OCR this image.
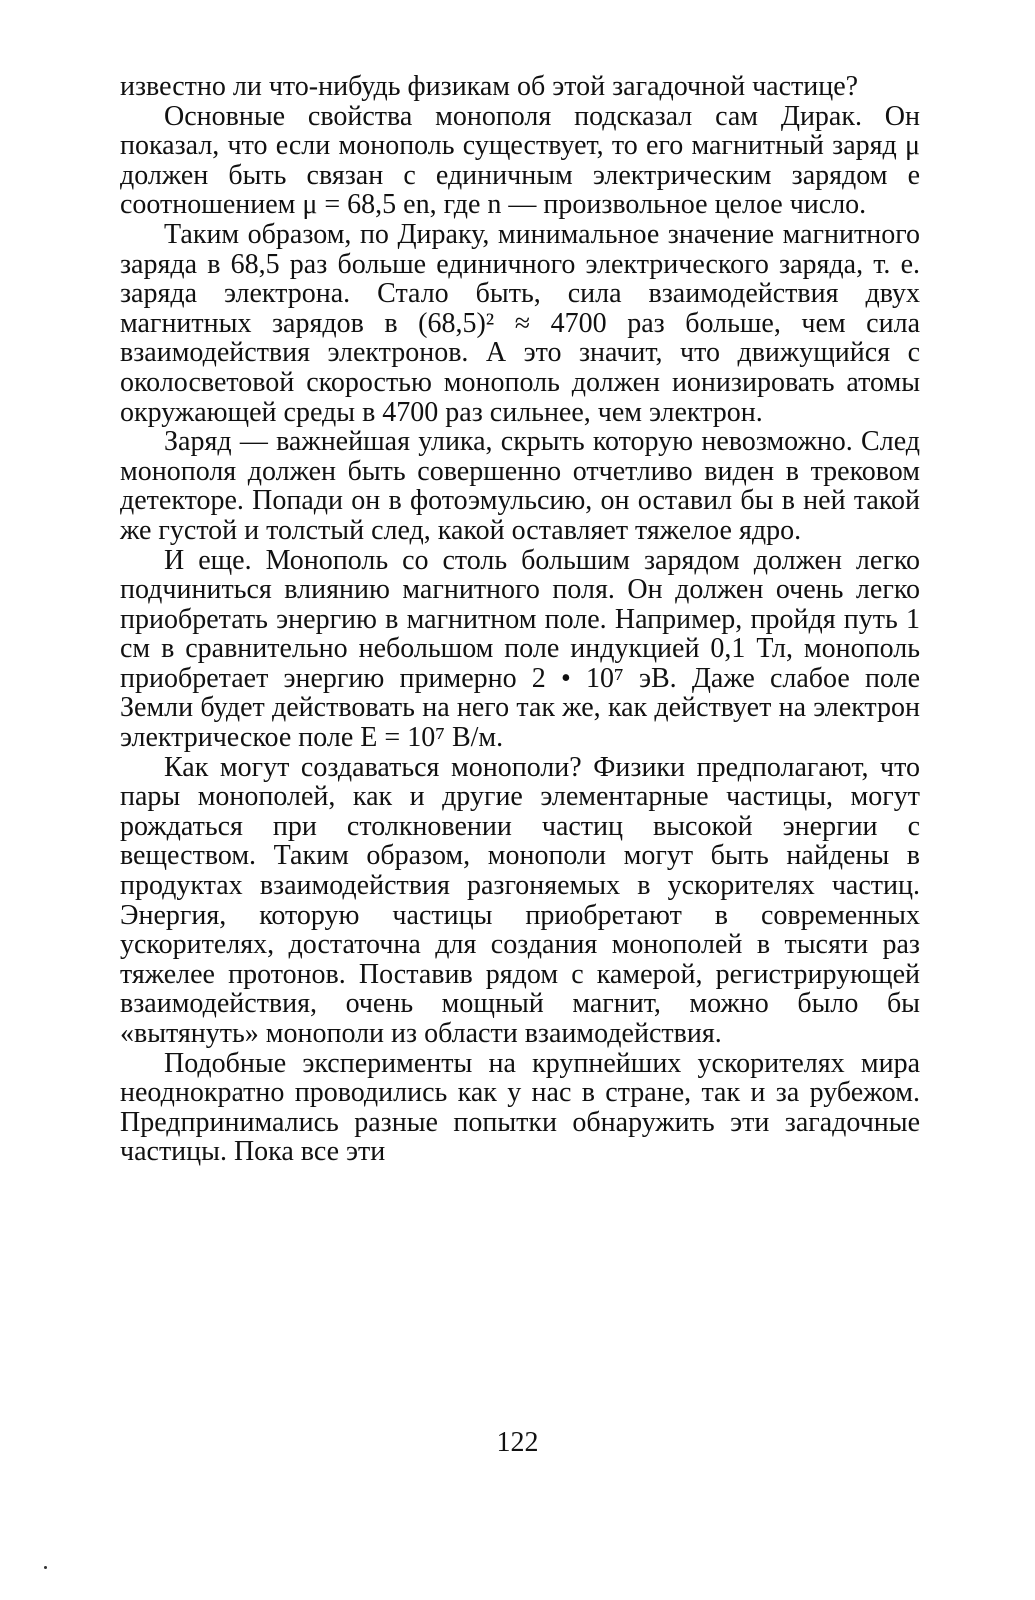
известно ли что-нибудь физикам об этой загадочной частице?

Основные свойства монополя подсказал сам Дирак. Он показал, что если монополь существует, то его магнитный заряд μ должен быть связан с единичным электрическим зарядом e соотношением μ = 68,5 en, где n — произвольное целое число.

Таким образом, по Дираку, минимальное значение магнитного заряда в 68,5 раз больше единичного электрического заряда, т. е. заряда электрона. Стало быть, сила взаимодействия двух магнитных зарядов в (68,5)² ≈ 4700 раз больше, чем сила взаимодействия электронов. А это значит, что движущийся с околосветовой скоростью монополь должен ионизировать атомы окружающей среды в 4700 раз сильнее, чем электрон.

Заряд — важнейшая улика, скрыть которую невозможно. След монополя должен быть совершенно отчетливо виден в трековом детекторе. Попади он в фотоэмульсию, он оставил бы в ней такой же густой и толстый след, какой оставляет тяжелое ядро.

И еще. Монополь со столь большим зарядом должен легко подчиниться влиянию магнитного поля. Он должен очень легко приобретать энергию в магнитном поле. Например, пройдя путь 1 см в сравнительно небольшом поле индукцией 0,1 Тл, монополь приобретает энергию примерно 2 • 10⁷ эВ. Даже слабое поле Земли будет действовать на него так же, как действует на электрон электрическое поле E = 10⁷ В/м.

Как могут создаваться монополи? Физики предполагают, что пары монополей, как и другие элементарные частицы, могут рождаться при столкновении частиц высокой энергии с веществом. Таким образом, монополи могут быть найдены в продуктах взаимодействия разгоняемых в ускорителях частиц. Энергия, которую частицы приобретают в современных ускорителях, достаточна для создания монополей в тысяти раз тяжелее протонов. Поставив рядом с камерой, регистрирующей взаимодействия, очень мощный магнит, можно было бы «вытянуть» монополи из области взаимодействия.

Подобные эксперименты на крупнейших ускорителях мира неоднократно проводились как у нас в стране, так и за рубежом. Предпринимались разные попытки обнаружить эти загадочные частицы. Пока все эти

122
